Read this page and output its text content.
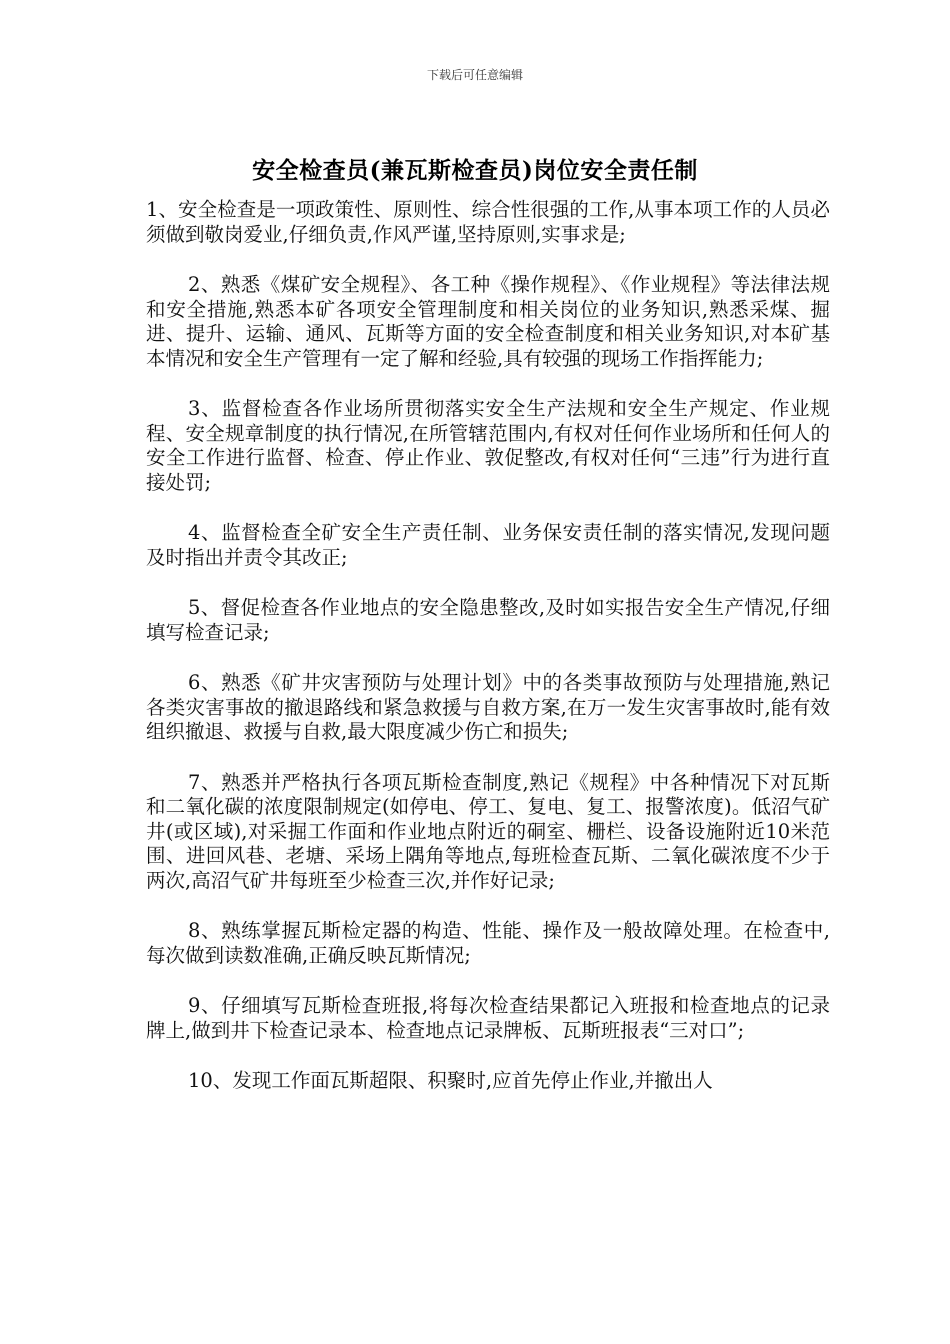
下载后可任意编辑
安全检查员(兼瓦斯检查员)岗位安全责任制

1、安全检查是一项政策性、原则性、综合性很强的工作,从事本项工作的人员必须做到敬岗爱业,仔细负责,作风严谨,坚持原则,实事求是;

2、熟悉《煤矿安全规程》、各工种《操作规程》、《作业规程》等法律法规和安全措施,熟悉本矿各项安全管理制度和相关岗位的业务知识,熟悉采煤、掘进、提升、运输、通风、瓦斯等方面的安全检查制度和相关业务知识,对本矿基本情况和安全生产管理有一定了解和经验,具有较强的现场工作指挥能力;

3、监督检查各作业场所贯彻落实安全生产法规和安全生产规定、作业规程、安全规章制度的执行情况,在所管辖范围内,有权对任何作业场所和任何人的安全工作进行监督、检查、停止作业、敦促整改,有权对任何“三违”行为进行直接处罚;

4、监督检查全矿安全生产责任制、业务保安责任制的落实情况,发现问题及时指出并责令其改正;

5、督促检查各作业地点的安全隐患整改,及时如实报告安全生产情况,仔细填写检查记录;

6、熟悉《矿井灾害预防与处理计划》中的各类事故预防与处理措施,熟记各类灾害事故的撤退路线和紧急救援与自救方案,在万一发生灾害事故时,能有效组织撤退、救援与自救,最大限度减少伤亡和损失;

7、熟悉并严格执行各项瓦斯检查制度,熟记《规程》中各种情况下对瓦斯和二氧化碳的浓度限制规定(如停电、停工、复电、复工、报警浓度)。低沼气矿井(或区域),对采掘工作面和作业地点附近的硐室、栅栏、设备设施附近10米范围、进回风巷、老塘、采场上隅角等地点,每班检查瓦斯、二氧化碳浓度不少于两次,高沼气矿井每班至少检查三次,并作好记录;

8、熟练掌握瓦斯检定器的构造、性能、操作及一般故障处理。在检查中,每次做到读数准确,正确反映瓦斯情况;

9、仔细填写瓦斯检查班报,将每次检查结果都记入班报和检查地点的记录牌上,做到井下检查记录本、检查地点记录牌板、瓦斯班报表“三对口”;

10、发现工作面瓦斯超限、积聚时,应首先停止作业,并撤出人
